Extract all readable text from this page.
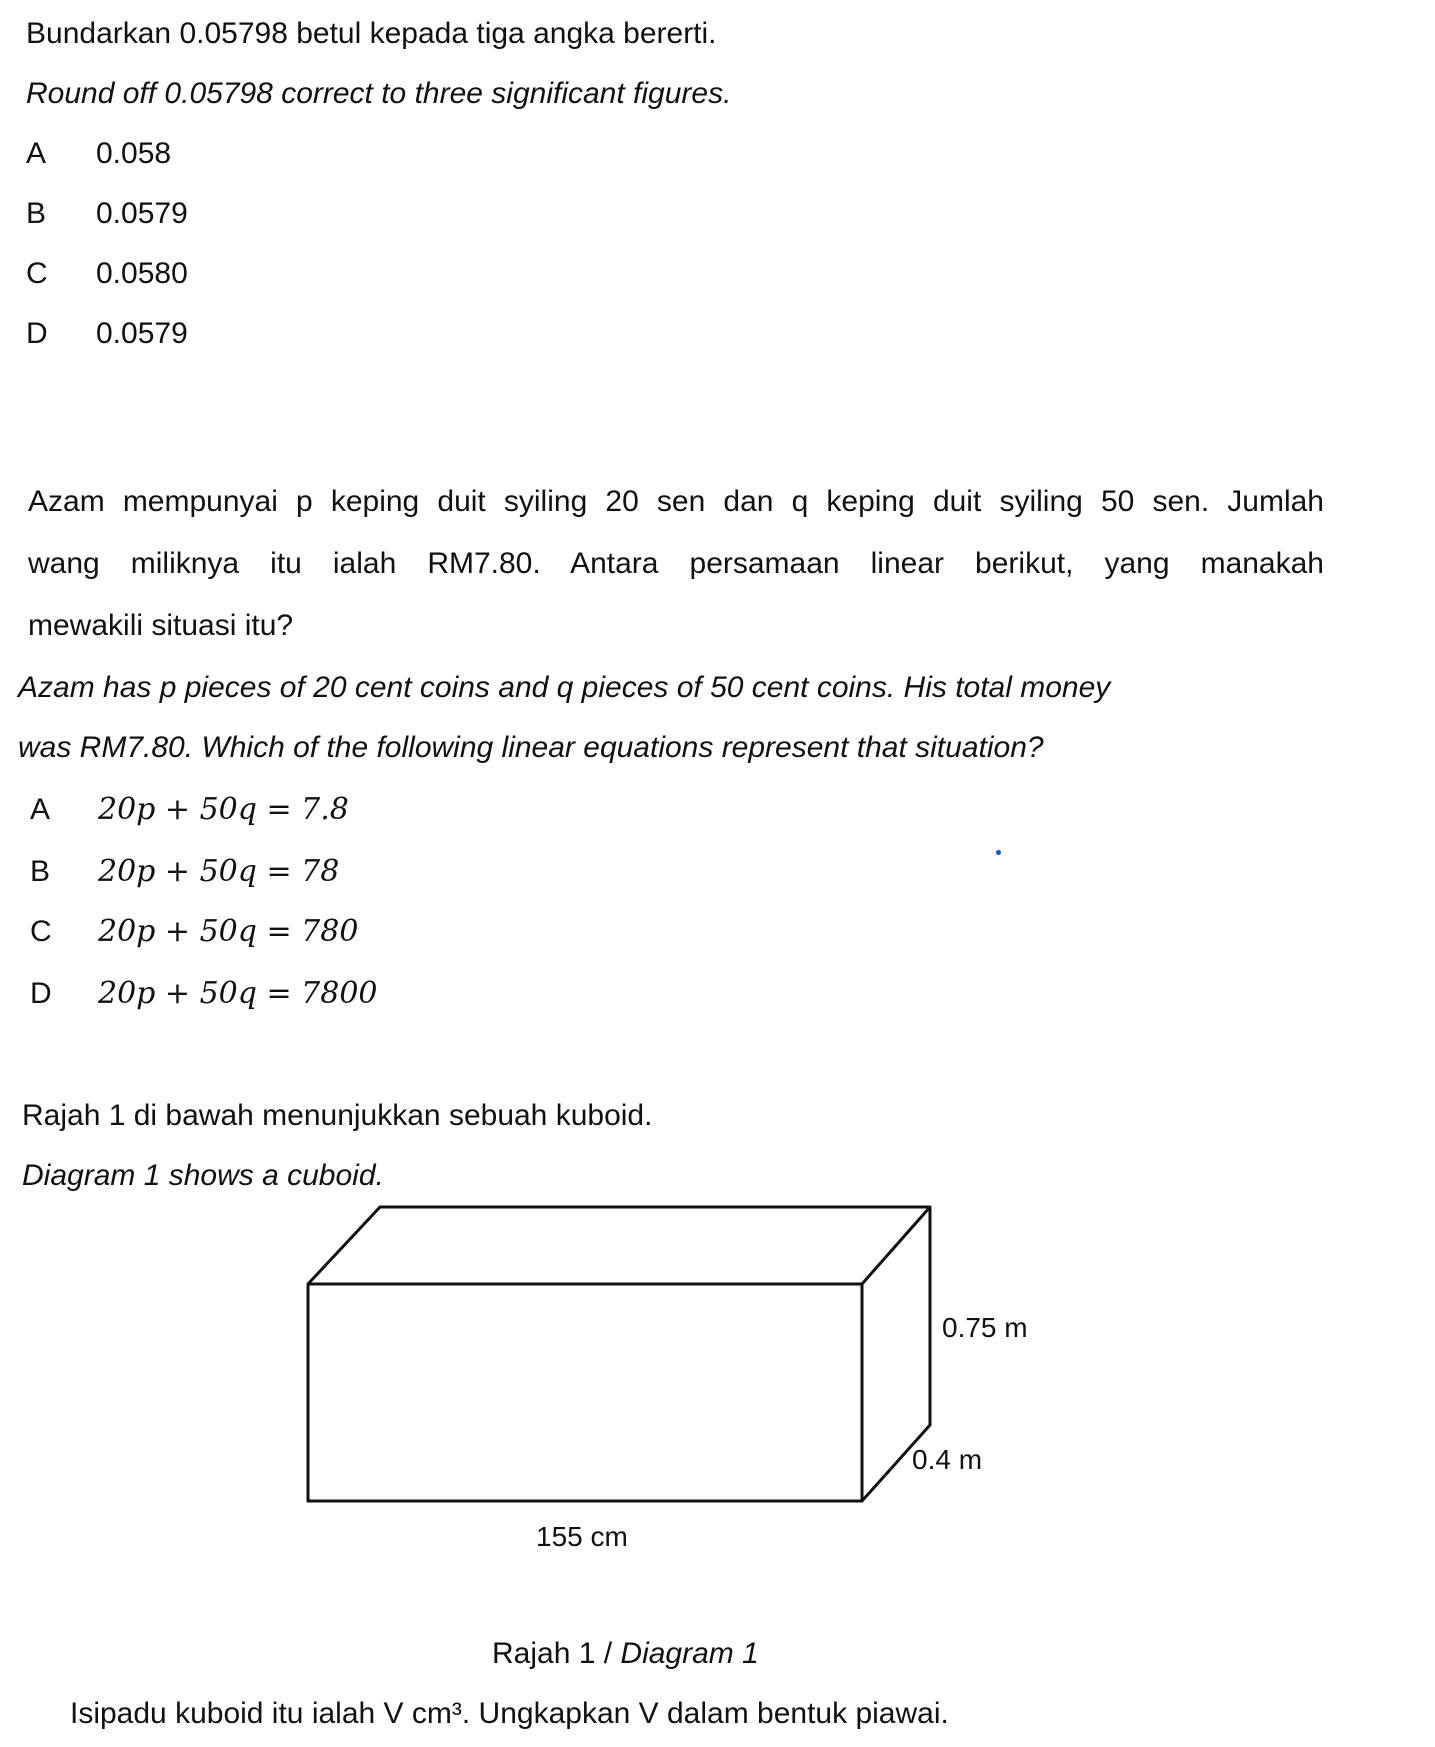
Bundarkan 0.05798 betul kepada tiga angka bererti.
Round off 0.05798 correct to three significant figures.
A 0.058
B 0.0579
C 0.0580
D 0.0579
Azam mempunyai p keping duit syiling 20 sen dan q keping duit syiling 50 sen. Jumlah
wang miliknya itu ialah RM7.80. Antara persamaan linear berikut, yang manakah
mewakili situasi itu?
Azam has p pieces of 20 cent coins and q pieces of 50 cent coins. His total money
was RM7.80. Which of the following linear equations represent that situation?
A 20p + 50q = 7.8
B 20p + 50q = 78
C 20p + 50q = 780
D 20p + 50q = 7800
Rajah 1 di bawah menunjukkan sebuah kuboid.
Diagram 1 shows a cuboid.
0.75 m
0.4 m
155 cm
Rajah 1 / Diagram 1
Isipadu kuboid itu ialah V cm³. Ungkapkan V dalam bentuk piawai.
